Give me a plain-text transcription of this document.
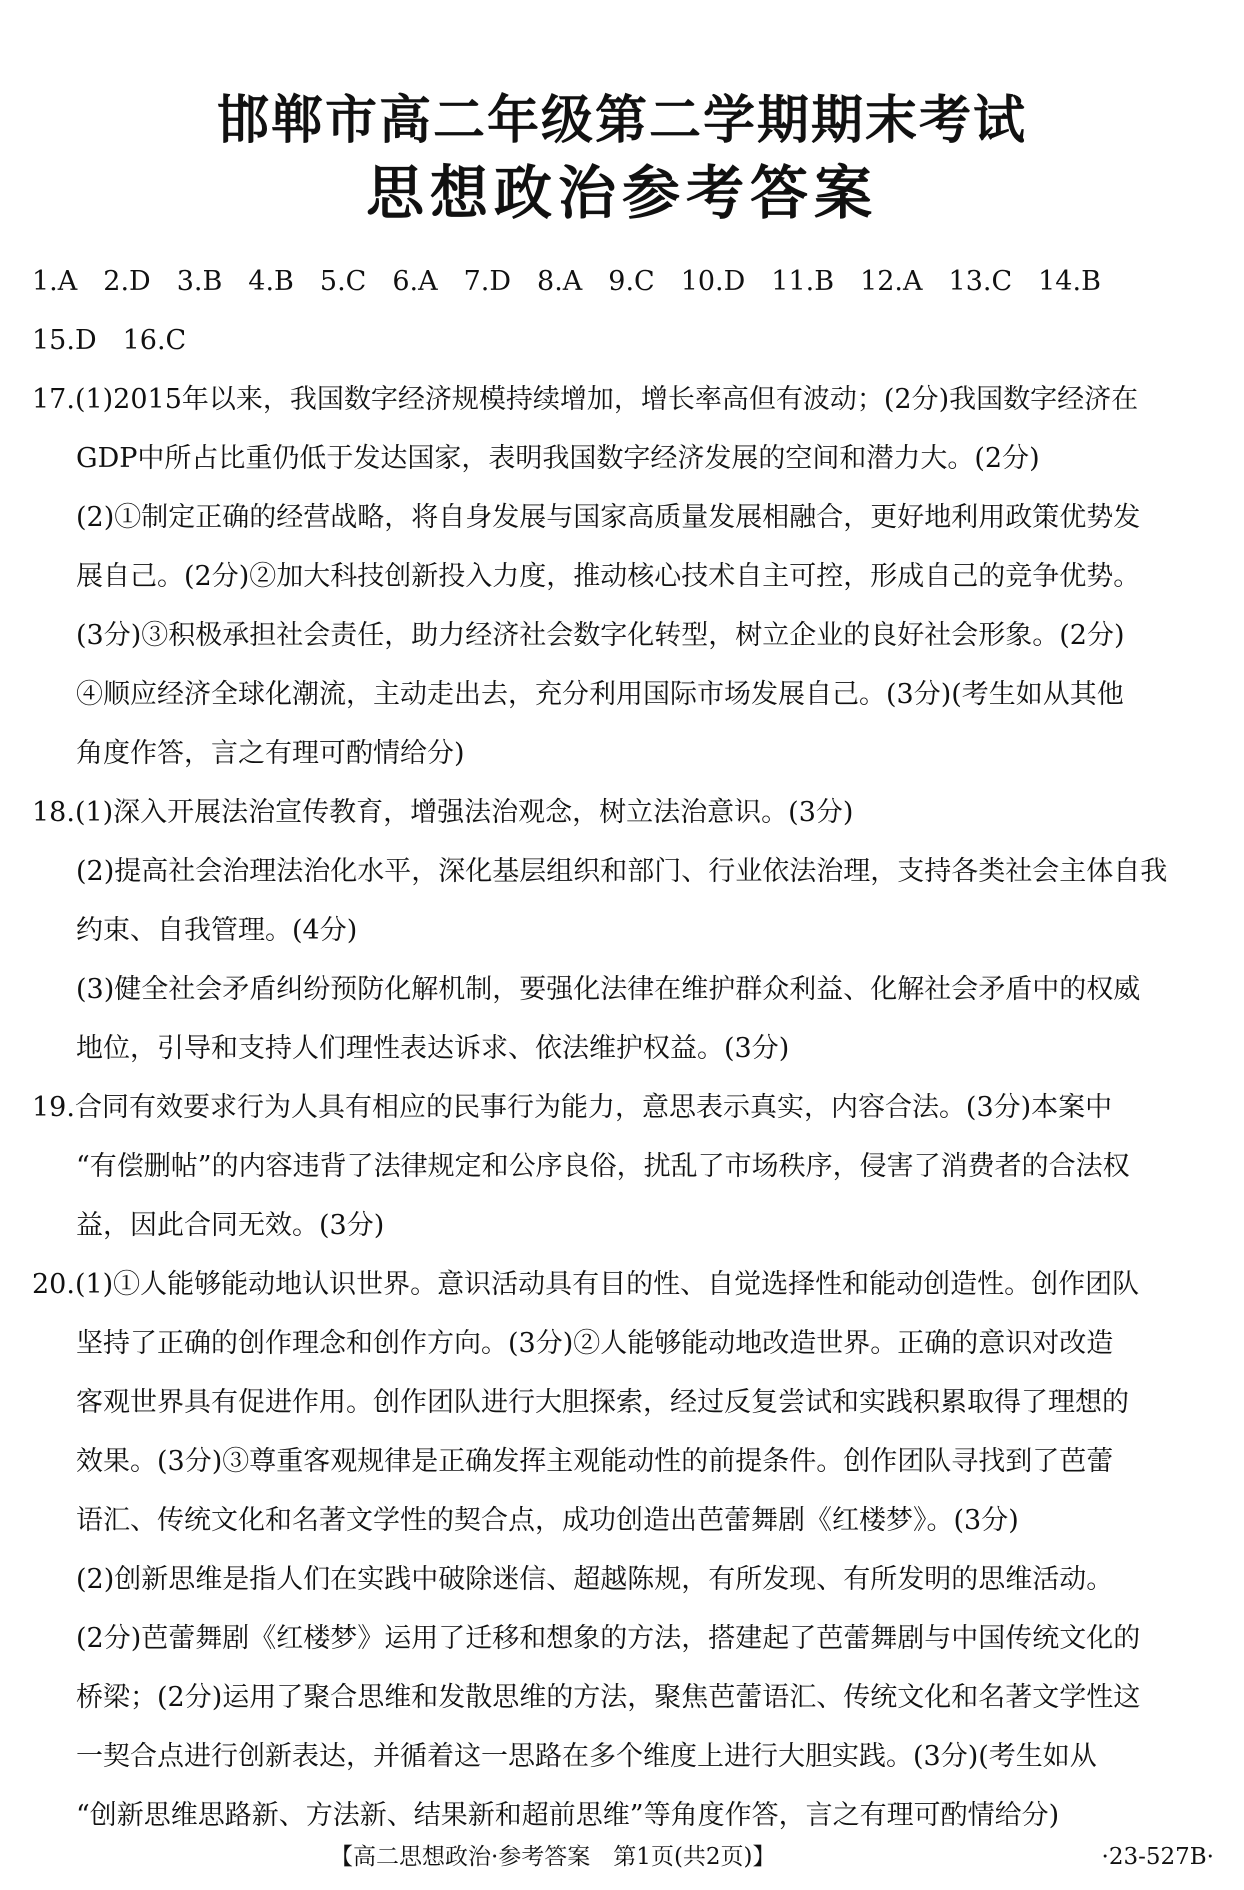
邯郸市高二年级第二学期期末考试
思想政治参考答案
1.A 2.D 3.B 4.B 5.C 6.A 7.D 8.A 9.C 10.D 11.B 12.A 13.C 14.B
15.D 16.C
17.(1)2015年以来，我国数字经济规模持续增加，增长率高但有波动；(2分)我国数字经济在
GDP中所占比重仍低于发达国家，表明我国数字经济发展的空间和潜力大。(2分)
(2)①制定正确的经营战略，将自身发展与国家高质量发展相融合，更好地利用政策优势发
展自己。(2分)②加大科技创新投入力度，推动核心技术自主可控，形成自己的竞争优势。
(3分)③积极承担社会责任，助力经济社会数字化转型，树立企业的良好社会形象。(2分)
④顺应经济全球化潮流，主动走出去，充分利用国际市场发展自己。(3分)(考生如从其他
角度作答，言之有理可酌情给分)
18.(1)深入开展法治宣传教育，增强法治观念，树立法治意识。(3分)
(2)提高社会治理法治化水平，深化基层组织和部门、行业依法治理，支持各类社会主体自我
约束、自我管理。(4分)
(3)健全社会矛盾纠纷预防化解机制，要强化法律在维护群众利益、化解社会矛盾中的权威
地位，引导和支持人们理性表达诉求、依法维护权益。(3分)
19.合同有效要求行为人具有相应的民事行为能力，意思表示真实，内容合法。(3分)本案中
“有偿删帖”的内容违背了法律规定和公序良俗，扰乱了市场秩序，侵害了消费者的合法权
益，因此合同无效。(3分)
20.(1)①人能够能动地认识世界。意识活动具有目的性、自觉选择性和能动创造性。创作团队
坚持了正确的创作理念和创作方向。(3分)②人能够能动地改造世界。正确的意识对改造
客观世界具有促进作用。创作团队进行大胆探索，经过反复尝试和实践积累取得了理想的
效果。(3分)③尊重客观规律是正确发挥主观能动性的前提条件。创作团队寻找到了芭蕾
语汇、传统文化和名著文学性的契合点，成功创造出芭蕾舞剧《红楼梦》。(3分)
(2)创新思维是指人们在实践中破除迷信、超越陈规，有所发现、有所发明的思维活动。
(2分)芭蕾舞剧《红楼梦》运用了迁移和想象的方法，搭建起了芭蕾舞剧与中国传统文化的
桥梁；(2分)运用了聚合思维和发散思维的方法，聚焦芭蕾语汇、传统文化和名著文学性这
一契合点进行创新表达，并循着这一思路在多个维度上进行大胆实践。(3分)(考生如从
“创新思维思路新、方法新、结果新和超前思维”等角度作答，言之有理可酌情给分)
【高二思想政治·参考答案　第1页(共2页)】	·23-527B·
